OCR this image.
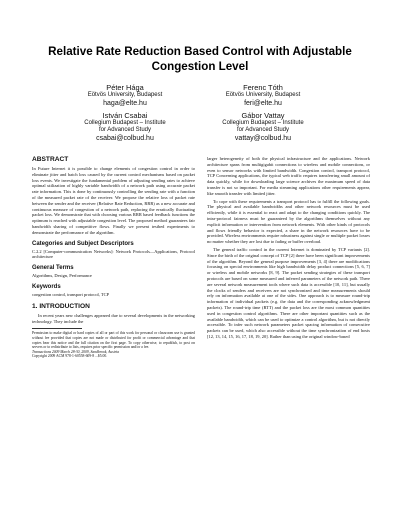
Relative Rate Reduction Based Control with Adjustable
Congestion Level
Péter Hága
Eötvös University, Budapest
haga@elte.hu
Ferenc Tóth
Eötvös University, Budapest
feri@elte.hu
István Csabai
Collegium Budapest – Institute
for Advanced Study
csabai@colbud.hu
Gábor Vattay
Collegium Budapest – Institute
for Advanced Study
vattay@colbud.hu
ABSTRACT

In Future Internet it is possible to change elements of congestion control in order to eliminate jitter and batch loss caused by the current control mechanisms based on packet loss events. We investigate the fundamental problem of adjusting sending rates to achieve optimal utilization of highly variable bandwidth of a network path using accurate packet rate information. This is done by continuously controlling the sending rate with a function of the measured packet rate of the receiver. We propose the relative loss of packet rate between the sender and the receiver (Relative Rate Reduction, RRR) as a new accurate and continuous measure of congestion of a network path, replacing the erratically fluctuating packet loss. We demonstrate that with choosing various RRR based feedback functions the optimum is reached with adjustable congestion level. The proposed method guarantees fair bandwidth sharing of competitive flows. Finally we present testbed experiments to demonstrate the performance of the algorithm.

Categories and Subject Descriptors

C.2.2 [Computer-communication Networks]: Network Protocols—Applications, Protocol architecture

General Terms

Algorithms, Design, Performance

Keywords

congestion control, transport protocol, TCP

1. INTRODUCTION

In recent years new challenges appeared due to several developments in the networking technology. They include the

Permission to make digital or hard copies of all or part of this work for personal or classroom use is granted without fee provided that copies are not made or distributed for profit or commercial advantage and that copies bear this notice and the full citation on the first page. To copy otherwise, to republish, to post on servers or to redistribute to lists, requires prior specific permission and/or a fee.

Transactions 2009 March 28-30, 2009, Sandbrook, Austria

Copyright 2009 ACM 978-1-60558-609-8 ...$5.00.

larger heterogeneity of both the physical infrastructure and the applications. Network architecture spans from multigigabit connections to wireless and mobile connections, or even to sensor networks with limited bandwidth. Congestion control, transport protocol, TCP Concerning applications, the typical web traffic requires transferring small amount of data quickly, while for downloading large science archives the maximum speed of data transfer is not so important. For media streaming applications other requirements appear, like smooth transfer with limited jitter.

To cope with these requirements a transport protocol has to fulfill the following goals. The physical and available bandwidths and other network resources must be used efficiently, while it is essential to react and adapt to the changing conditions quickly. The intra-protocol fairness must be guaranteed by the algorithms themselves without any explicit information or intervention from network elements. With other kinds of protocols and flows friendly behavior is expected, a share in the network resources have to be provided. Wireless environments require robustness against single or multiple packet losses no matter whether they are lost due to fading or buffer overload.

The general traffic control in the current Internet is dominated by TCP variants [2]. Since the birth of the original concept of TCP [2] there have been significant improvements of the algorithm. Beyond the general purpose improvements [3, 4] there are modifications focusing on special environments like high bandwidth delay product connections [5, 6, 7] or wireless and mobile networks [8, 9]. The packet sending strategies of these transport protocols are based on some measured and inferred parameters of the network path. There are several network measurement tools where such data is accessible [10, 11], but usually the clocks of senders and receivers are not synchronized and time measurements should rely on information available at one of the sides. One approach is to measure round-trip information of individual packets (e.g. the data and the corresponding acknowledgment packets). The round-trip time (RTT) and the packet loss are the most common quantities used in congestion control algorithms. There are other important quantities such as the available bandwidth, which can be used to optimize a control algorithm, but is not directly accessible. To infer such network parameters packet spacing information of consecutive packets can be used, which also accessible without the time synchronization of end hosts [12, 13, 14, 15, 16, 17, 18, 19, 20]. Rather than using the original window-based
